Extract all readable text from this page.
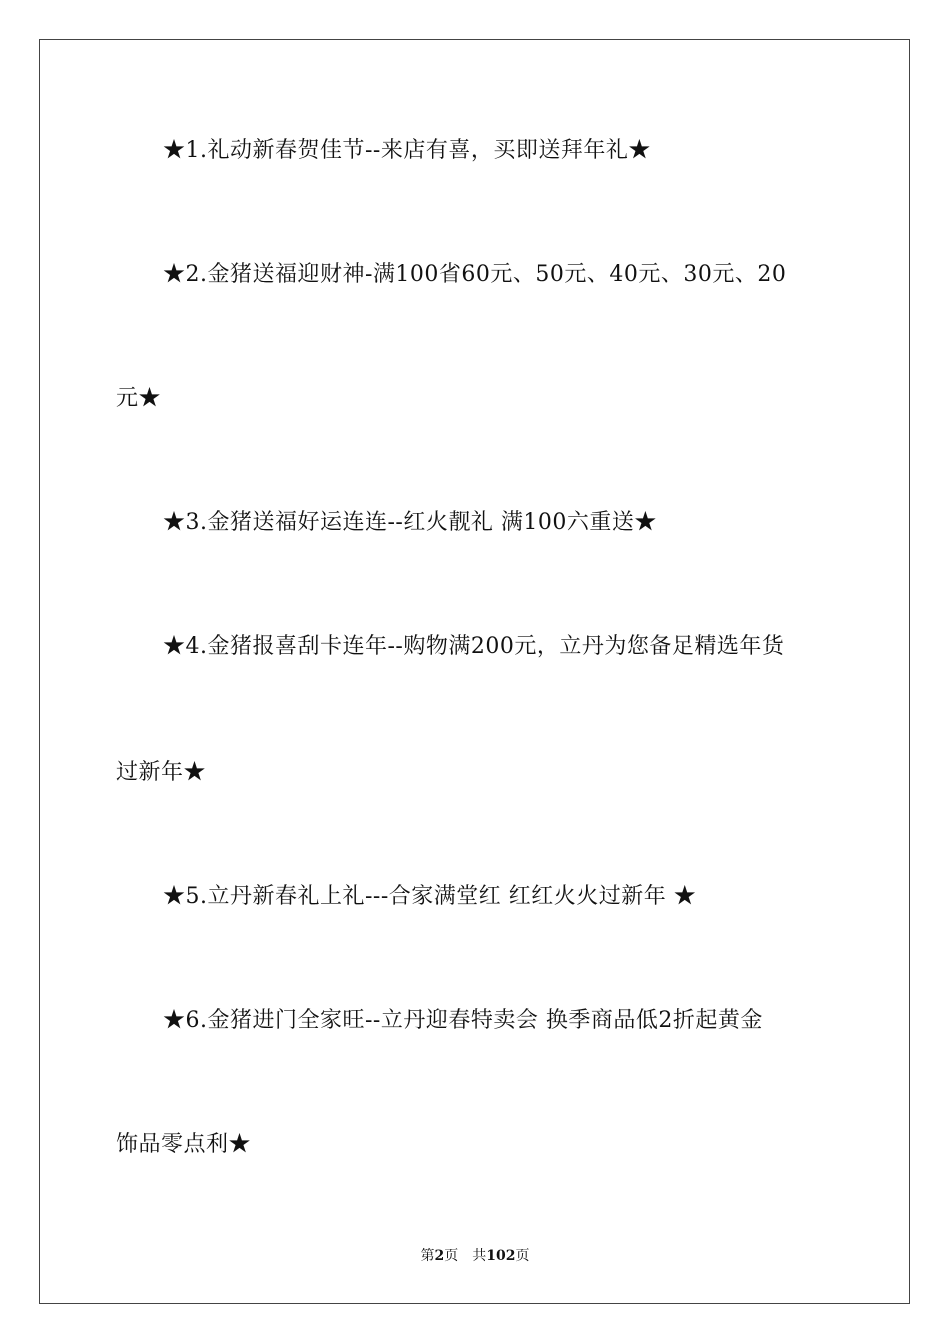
★1.礼动新春贺佳节--来店有喜，买即送拜年礼★
★2.金猪送福迎财神-满100省60元、50元、40元、30元、20
元★
★3.金猪送福好运连连--红火靓礼 满100六重送★
★4.金猪报喜刮卡连年--购物满200元，立丹为您备足精选年货
过新年★
★5.立丹新春礼上礼---合家满堂红 红红火火过新年 ★
★6.金猪进门全家旺--立丹迎春特卖会 换季商品低2折起黄金
饰品零点利★
第2页 共102页
